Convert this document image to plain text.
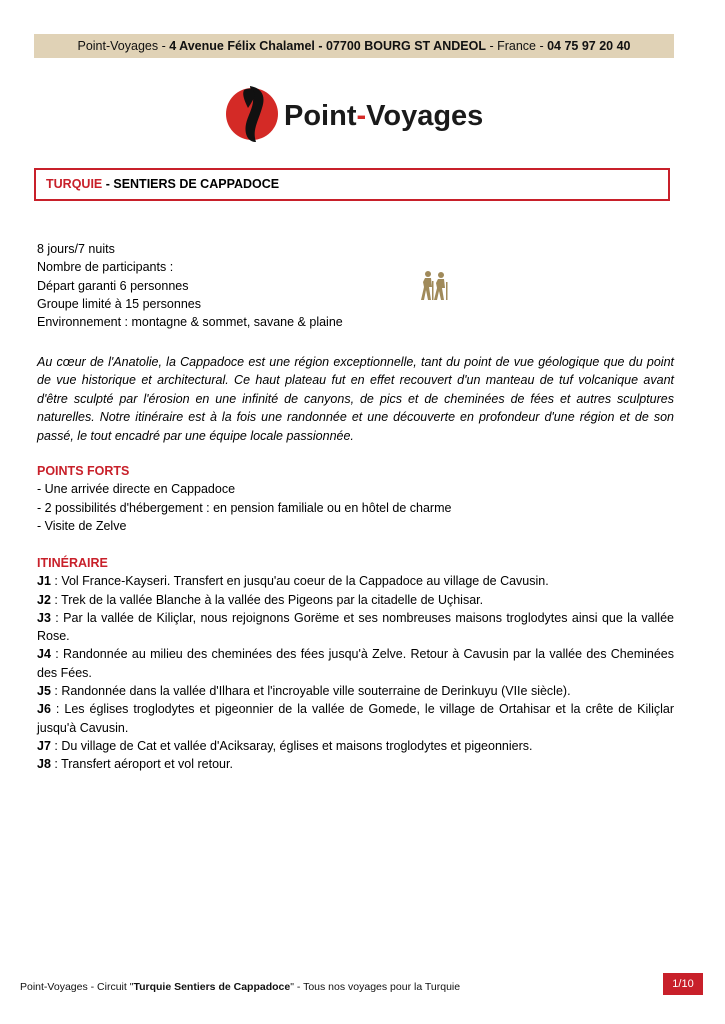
Point-Voyages - 4 Avenue Félix Chalamel - 07700 BOURG ST ANDEOL - France - 04 75 97 20 40
Point-Voyages
TURQUIE - SENTIERS DE CAPPADOCE
8 jours/7 nuits
Nombre de participants :
Départ garanti 6 personnes
Groupe limité à 15 personnes
Environnement : montagne & sommet, savane & plaine
Au cœur de l'Anatolie, la Cappadoce est une région exceptionnelle, tant du point de vue géologique que du point de vue historique et architectural. Ce haut plateau fut en effet recouvert d'un manteau de tuf volcanique avant d'être sculpté par l'érosion en une infinité de canyons, de pics et de cheminées de fées et autres sculptures naturelles. Notre itinéraire est à la fois une randonnée et une découverte en profondeur d'une région et de son passé, le tout encadré par une équipe locale passionnée.
POINTS FORTS
- Une arrivée directe en Cappadoce
- 2 possibilités d'hébergement : en pension familiale ou en hôtel de charme
- Visite de Zelve
ITINÉRAIRE
J1 : Vol France-Kayseri. Transfert en jusqu'au coeur de la Cappadoce au village de Cavusin.
J2 : Trek de la vallée Blanche à la vallée des Pigeons par la citadelle de Uçhisar.
J3 : Par la vallée de Kiliçlar, nous rejoignons Gorëme et ses nombreuses maisons troglodytes ainsi que la vallée Rose.
J4 : Randonnée au milieu des cheminées des fées jusqu'à Zelve. Retour à Cavusin par la vallée des Cheminées des Fées.
J5 : Randonnée dans la vallée d'Ilhara et l'incroyable ville souterraine de Derinkuyu (VIIe siècle).
J6 : Les églises troglodytes et pigeonnier de la vallée de Gomede, le village de Ortahisar et la crête de Kiliçlar jusqu'à Cavusin.
J7 : Du village de Cat et vallée d'Aciksaray, églises et maisons troglodytes et pigeonniers.
J8 : Transfert aéroport et vol retour.
Point-Voyages - Circuit "Turquie Sentiers de Cappadoce" - Tous nos voyages pour la Turquie	1/10
